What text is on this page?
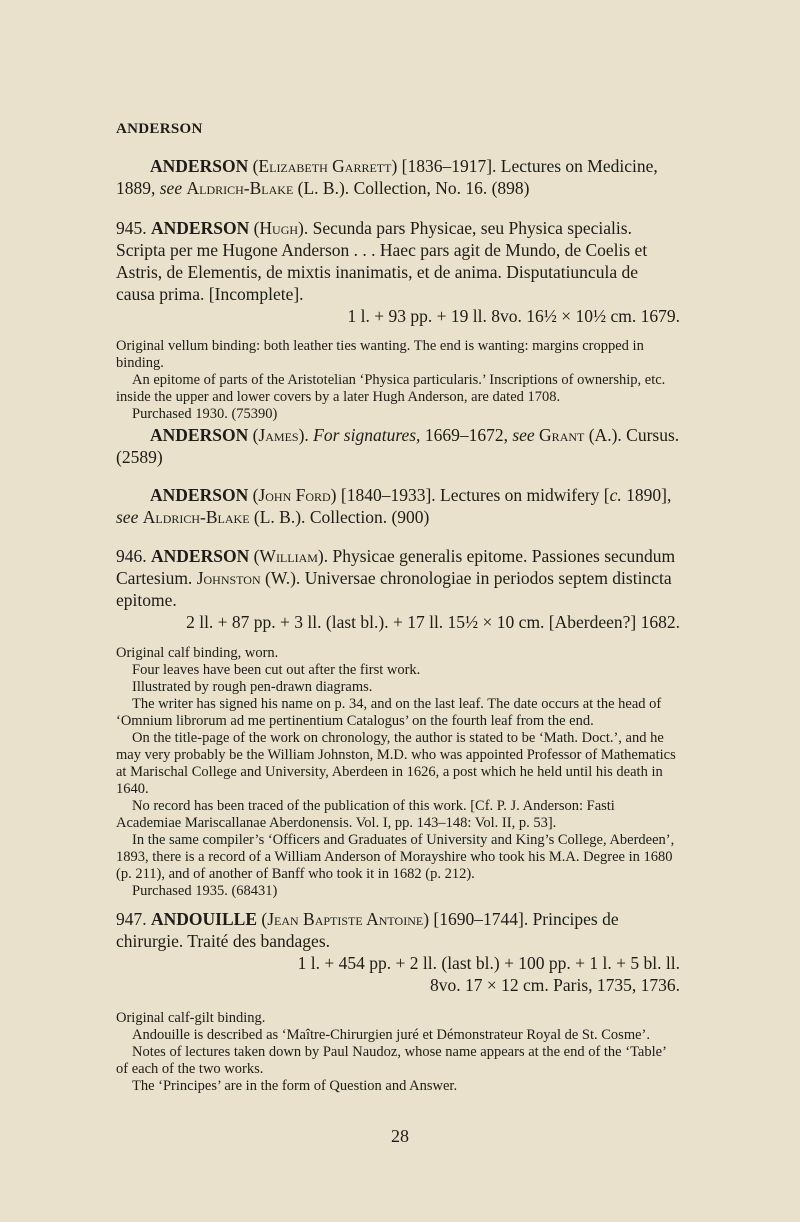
ANDERSON
ANDERSON (Elizabeth Garrett) [1836–1917]. Lectures on Medicine, 1889, see Aldrich-Blake (L. B.). Collection, No. 16. (898)
945. ANDERSON (Hugh). Secunda pars Physicae, seu Physica specialis. Scripta per me Hugone Anderson . . . Haec pars agit de Mundo, de Coelis et Astris, de Elementis, de mixtis inanimatis, et de anima. Disputatiuncula de causa prima. [Incomplete].
1 l. + 93 pp. + 19 ll. 8vo. 16½ × 10½ cm. 1679.

Original vellum binding: both leather ties wanting. The end is wanting: margins cropped in binding.

An epitome of parts of the Aristotelian ‘Physica particularis.’ Inscriptions of ownership, etc. inside the upper and lower covers by a later Hugh Anderson, are dated 1708.

Purchased 1930. (75390)

ANDERSON (James). For signatures, 1669–1672, see Grant (A.). Cursus. (2589)
ANDERSON (John Ford) [1840–1933]. Lectures on midwifery [c. 1890], see Aldrich-Blake (L. B.). Collection. (900)
946. ANDERSON (William). Physicae generalis epitome. Passiones secundum Cartesium. Johnston (W.). Universae chronologiae in periodos septem distincta epitome.
2 ll. + 87 pp. + 3 ll. (last bl.). + 17 ll. 15½ × 10 cm. [Aberdeen?] 1682.

Original calf binding, worn.

Four leaves have been cut out after the first work.

Illustrated by rough pen-drawn diagrams.

The writer has signed his name on p. 34, and on the last leaf. The date occurs at the head of ‘Omnium librorum ad me pertinentium Catalogus’ on the fourth leaf from the end.

On the title-page of the work on chronology, the author is stated to be ‘Math. Doct.’, and he may very probably be the William Johnston, M.D. who was appointed Professor of Mathematics at Marischal College and University, Aberdeen in 1626, a post which he held until his death in 1640.

No record has been traced of the publication of this work. [Cf. P. J. Anderson: Fasti Academiae Mariscallanae Aberdonensis. Vol. I, pp. 143–148: Vol. II, p. 53].

In the same compiler’s ‘Officers and Graduates of University and King’s College, Aberdeen’, 1893, there is a record of a William Anderson of Morayshire who took his M.A. Degree in 1680 (p. 211), and of another of Banff who took it in 1682 (p. 212).

Purchased 1935. (68431)

947. ANDOUILLE (Jean Baptiste Antoine) [1690–1744]. Principes de chirurgie. Traité des bandages.
1 l. + 454 pp. + 2 ll. (last bl.) + 100 pp. + 1 l. + 5 bl. ll.
8vo. 17 × 12 cm. Paris, 1735, 1736.

Original calf-gilt binding.

Andouille is described as ‘Maître-Chirurgien juré et Démonstrateur Royal de St. Cosme’.

Notes of lectures taken down by Paul Naudoz, whose name appears at the end of the ‘Table’ of each of the two works.

The ‘Principes’ are in the form of Question and Answer.

28
